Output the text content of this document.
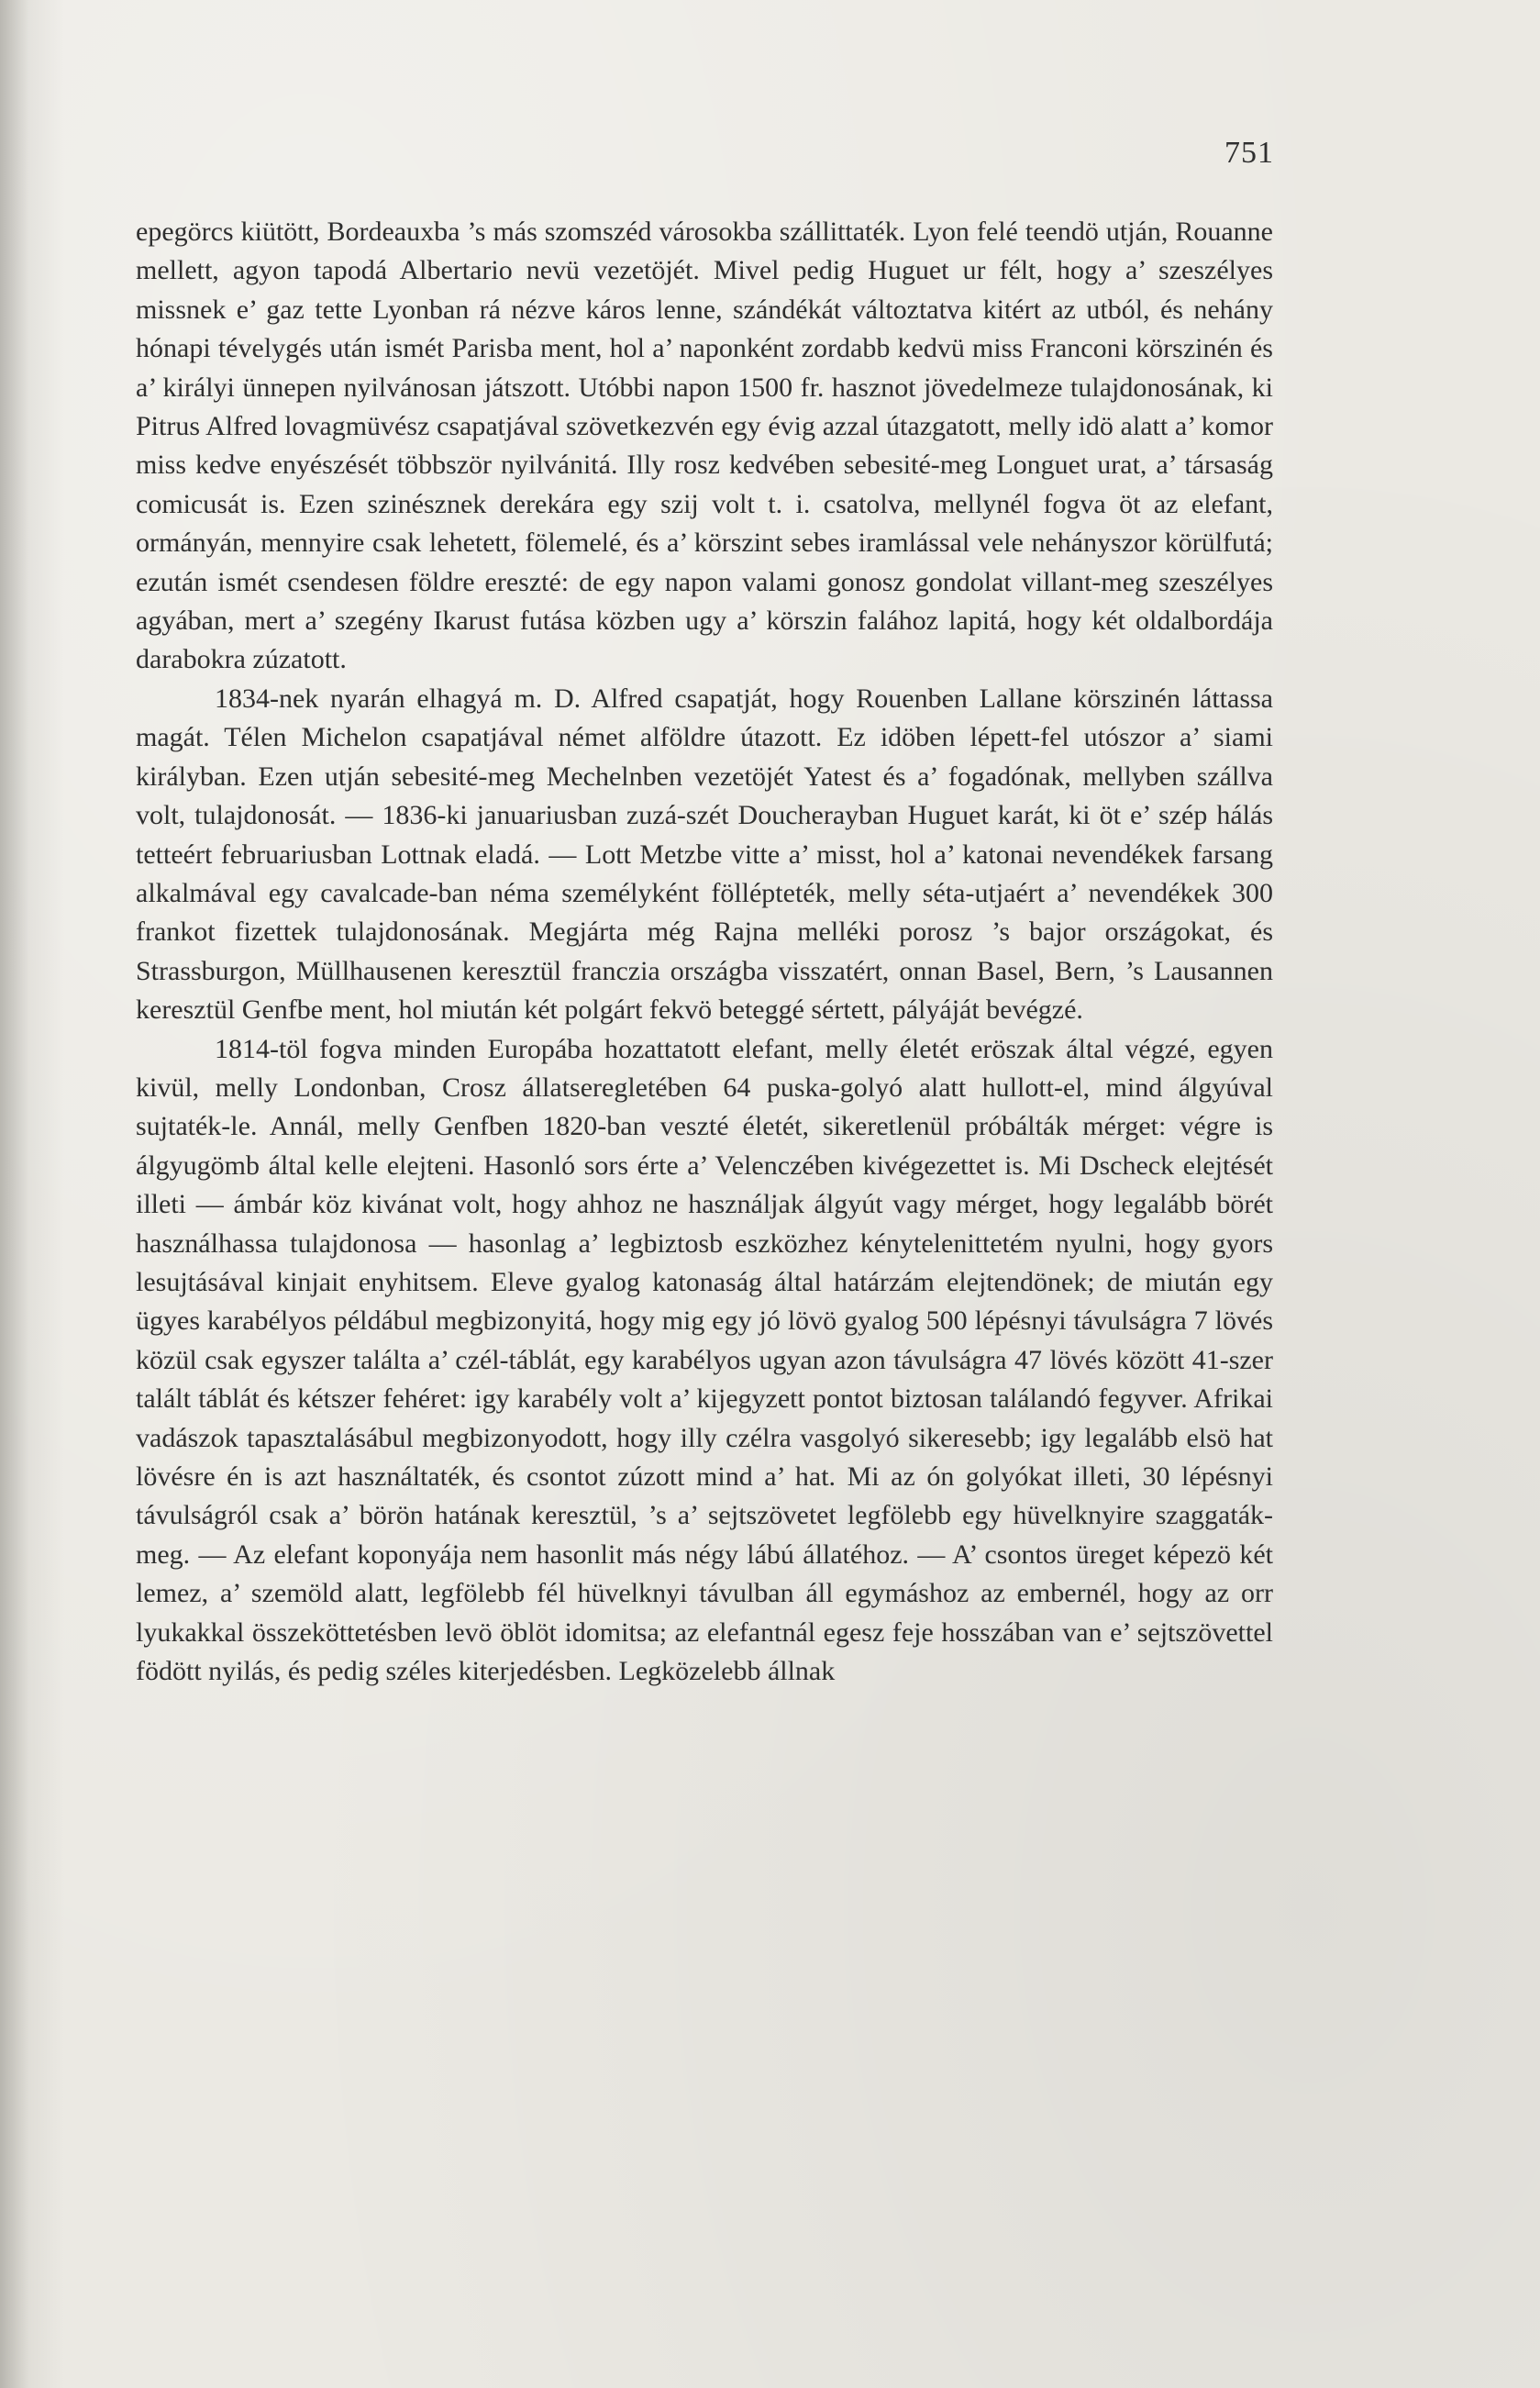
751

epegörcs kiütött, Bordeauxba ’s más szomszéd városokba szállittaték. Lyon felé teendö utján, Rouanne mellett, agyon tapodá Albertario nevü vezetöjét. Mivel pedig Huguet ur félt, hogy a’ szeszélyes missnek e’ gaz tette Lyonban rá nézve káros lenne, szándékát változtatva kitért az utból, és nehány hónapi tévelygés után ismét Parisba ment, hol a’ naponként zordabb kedvü miss Franconi körszinén és a’ királyi ünnepen nyilvánosan játszott. Utóbbi napon 1500 fr. hasznot jövedelmeze tulajdonosának, ki Pitrus Alfred lovagmüvész csapatjával szövetkezvén egy évig azzal útazgatott, melly idö alatt a’ komor miss kedve enyészését többször nyilvánitá. Illy rosz kedvében sebesité-meg Longuet urat, a’ társaság comicusát is. Ezen szinésznek derekára egy szij volt t. i. csatolva, mellynél fogva öt az elefant, ormányán, mennyire csak lehetett, fölemelé, és a’ körszint sebes iramlással vele nehányszor körülfutá; ezután ismét csendesen földre ereszté: de egy napon valami gonosz gondolat villant-meg szeszélyes agyában, mert a’ szegény Ikarust futása közben ugy a’ körszin falához lapitá, hogy két oldalbordája darabokra zúzatott.

1834-nek nyarán elhagyá m. D. Alfred csapatját, hogy Rouenben Lallane körszinén láttassa magát. Télen Michelon csapatjával német alföldre útazott. Ez idöben lépett-fel utószor a’ siami királyban. Ezen utján sebesité-meg Mechelnben vezetöjét Yatest és a’ fogadónak, mellyben szállva volt, tulajdonosát. — 1836-ki januariusban zuzá-szét Doucherayban Huguet karát, ki öt e’ szép hálás tetteért februariusban Lottnak eladá. — Lott Metzbe vitte a’ misst, hol a’ katonai nevendékek farsang alkalmával egy cavalcade-ban néma személyként föllépteték, melly séta-utjaért a’ nevendékek 300 frankot fizettek tulajdonosának. Megjárta még Rajna melléki porosz ’s bajor országokat, és Strassburgon, Müllhausenen keresztül franczia országba visszatért, onnan Basel, Bern, ’s Lausannen keresztül Genfbe ment, hol miután két polgárt fekvö beteggé sértett, pályáját bevégzé.

1814-töl fogva minden Europába hozattatott elefant, melly életét eröszak által végzé, egyen kivül, melly Londonban, Crosz állatseregletében 64 puska-golyó alatt hullott-el, mind álgyúval sujtaték-le. Annál, melly Genfben 1820-ban veszté életét, sikeretlenül próbálták mérget: végre is álgyugömb által kelle elejteni. Hasonló sors érte a’ Velenczében kivégezettet is. Mi Dscheck elejtését illeti — ámbár köz kivánat volt, hogy ahhoz ne használjak álgyút vagy mérget, hogy legalább börét használhassa tulajdonosa — hasonlag a’ legbiztosb eszközhez kénytelenittetém nyulni, hogy gyors lesujtásával kinjait enyhitsem. Eleve gyalog katonaság által határzám elejtendönek; de miután egy ügyes karabélyos példábul megbizonyitá, hogy mig egy jó lövö gyalog 500 lépésnyi távulságra 7 lövés közül csak egyszer találta a’ czél-táblát, egy karabélyos ugyan azon távulságra 47 lövés között 41-szer talált táblát és kétszer fehéret: igy karabély volt a’ kijegyzett pontot biztosan találandó fegyver. Afrikai vadászok tapasztalásábul megbizonyodott, hogy illy czélra vasgolyó sikeresebb; igy legalább elsö hat lövésre én is azt használtaték, és csontot zúzott mind a’ hat. Mi az ón golyókat illeti, 30 lépésnyi távulságról csak a’ börön hatának keresztül, ’s a’ sejtszövetet legfölebb egy hüvelknyire szaggaták-meg. — Az elefant koponyája nem hasonlit más négy lábú állatéhoz. — A’ csontos üreget képezö két lemez, a’ szemöld alatt, legfölebb fél hüvelknyi távulban áll egymáshoz az embernél, hogy az orr lyukakkal összeköttetésben levö öblöt idomitsa; az elefantnál egesz feje hosszában van e’ sejtszövettel födött nyilás, és pedig széles kiterjedésben. Legközelebb állnak
